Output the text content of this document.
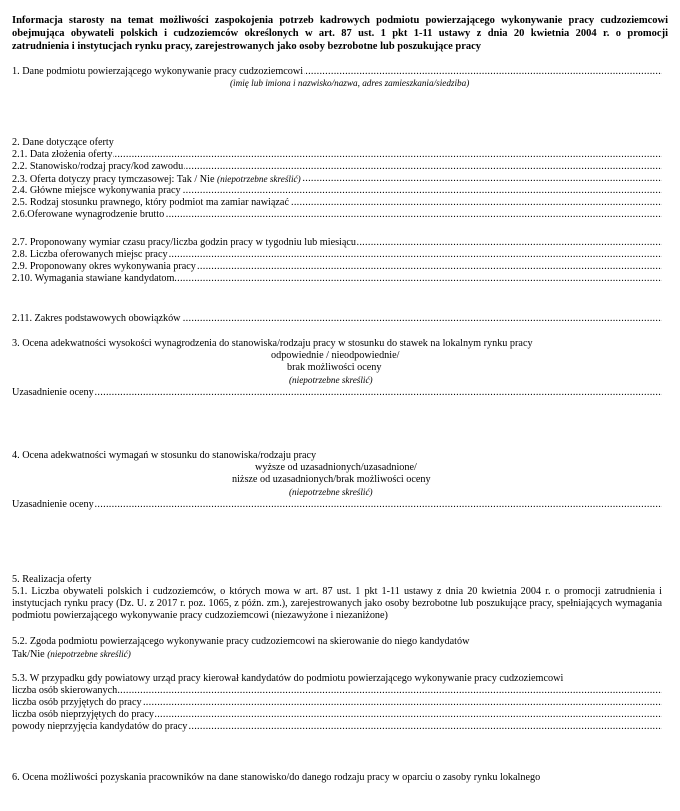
Informacja starosty na temat możliwości zaspokojenia potrzeb kadrowych podmiotu powierzającego wykonywanie pracy cudzoziemcowi
obejmująca obywateli polskich i cudzoziemców określonych w art. 87 ust. 1 pkt 1-11 ustawy z dnia 20 kwietnia 2004 r. o promocji
zatrudnienia i instytucjach rynku pracy, zarejestrowanych jako osoby bezrobotne lub poszukujące pracy
1. Dane podmiotu powierzającego wykonywanie pracy cudzoziemcowi .....
(imię lub imiona i nazwisko/nazwa, adres zamieszkania/siedziba)
2. Dane dotyczące oferty
2.1. Data złożenia oferty .....
2.2. Stanowisko/rodzaj pracy/kod zawodu .....
2.3. Oferta dotyczy pracy tymczasowej: Tak / Nie (niepotrzebne skreślić) .....
2.4. Główne miejsce wykonywania pracy .....
2.5. Rodzaj stosunku prawnego, który podmiot ma zamiar nawiązać .....
2.6.Oferowane wynagrodzenie brutto .....
2.7. Proponowany wymiar czasu pracy/liczba godzin pracy w tygodniu lub miesiącu .....
2.8. Liczba oferowanych miejsc pracy .....
2.9. Proponowany okres wykonywania pracy .....
2.10. Wymagania stawiane kandydatom .....
2.11. Zakres podstawowych obowiązków .....
3. Ocena adekwatności wysokości wynagrodzenia do stanowiska/rodzaju pracy w stosunku do stawek na lokalnym rynku pracy
odpowiednie / nieodpowiednie/
brak możliwości oceny
(niepotrzebne skreślić)
Uzasadnienie oceny .....
4. Ocena adekwatności wymagań w stosunku do stanowiska/rodzaju pracy
wyższe od uzasadnionych/uzasadnione/
niższe od uzasadnionych/brak możliwości oceny
(niepotrzebne skreślić)
Uzasadnienie oceny .....
5. Realizacja oferty
5.1. Liczba obywateli polskich i cudzoziemców, o których mowa w art. 87 ust. 1 pkt 1-11 ustawy z dnia 20 kwietnia 2004 r. o promocji zatrudnienia i instytucjach rynku pracy (Dz. U. z 2017 r. poz. 1065, z późn. zm.), zarejestrowanych jako osoby bezrobotne lub poszukujące pracy, spełniających wymagania podmiotu powierzającego wykonywanie pracy cudzoziemcowi (niezawyżone i niezaniżone)
5.2. Zgoda podmiotu powierzającego wykonywanie pracy cudzoziemcowi na skierowanie do niego kandydatów
Tak/Nie (niepotrzebne skreślić)
5.3. W przypadku gdy powiatowy urząd pracy kierował kandydatów do podmiotu powierzającego wykonywanie pracy cudzoziemcowi
liczba osób skierowanych .....
liczba osób przyjętych do pracy .....
liczba osób nieprzyjętych do pracy .....
powody nieprzyjęcia kandydatów do pracy .....
6. Ocena możliwości pozyskania pracowników na dane stanowisko/do danego rodzaju pracy w oparciu o zasoby rynku lokalnego
